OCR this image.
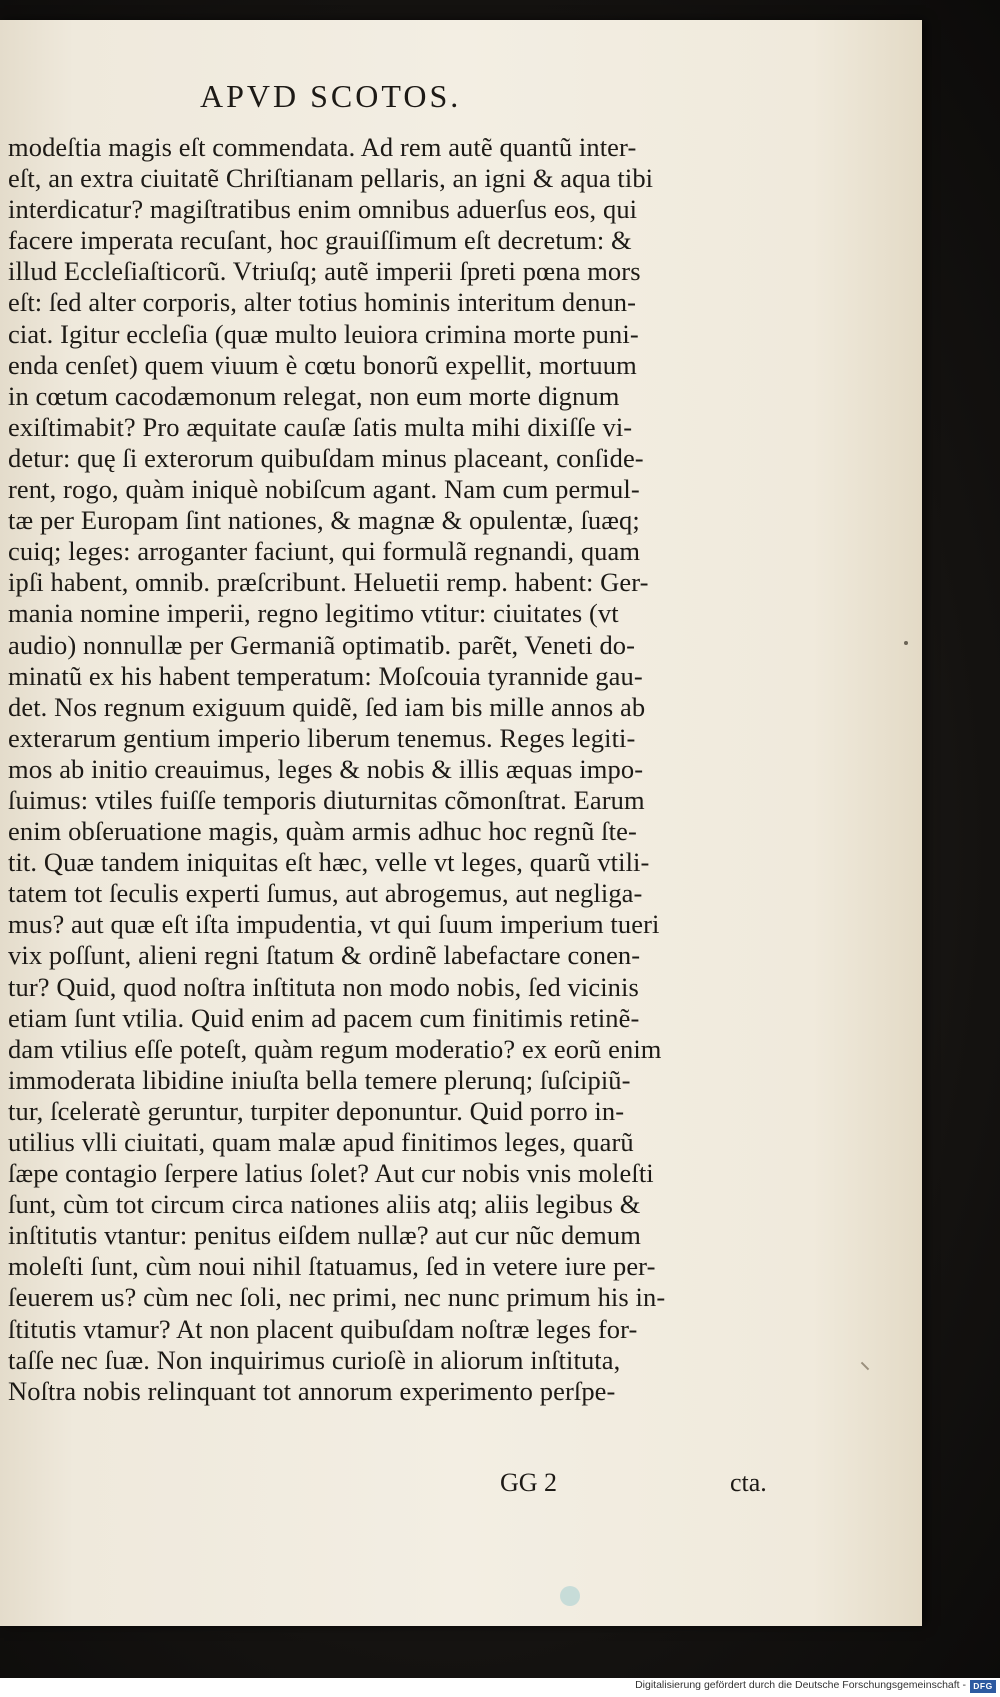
APVD SCOTOS.
modeſtia magis eſt commendata. Ad rem autẽ quantũ inter-
eſt, an extra ciuitatẽ Chriſtianam pellaris, an igni & aqua tibi
interdicatur? magiſtratibus enim omnibus aduerſus eos, qui
facere imperata recuſant, hoc grauiſſimum eſt decretum: &
illud Eccleſiaſticorũ. Vtriuſq; autẽ imperii ſpreti pœna mors
eſt: ſed alter corporis, alter totius hominis interitum denun-
ciat. Igitur eccleſia (quæ multo leuiora crimina morte puni-
enda cenſet) quem viuum è cœtu bonorũ expellit, mortuum
in cœtum cacodæmonum relegat, non eum morte dignum
exiſtimabit? Pro æquitate cauſæ ſatis multa mihi dixiſſe vi-
detur: quę ſi exterorum quibuſdam minus placeant, conſide-
rent, rogo, quàm iniquè nobiſcum agant. Nam cum permul-
tæ per Europam ſint nationes, & magnæ & opulentæ, ſuæq;
cuiq; leges: arroganter faciunt, qui formulã regnandi, quam
ipſi habent, omnib. præſcribunt. Heluetii remp. habent: Ger-
mania nomine imperii, regno legitimo vtitur: ciuitates (vt
audio) nonnullæ per Germaniã optimatib. parẽt, Veneti do-
minatũ ex his habent temperatum: Moſcouia tyrannide gau-
det. Nos regnum exiguum quidẽ, ſed iam bis mille annos ab
exterarum gentium imperio liberum tenemus. Reges legiti-
mos ab initio creauimus, leges & nobis & illis æquas impo-
ſuimus: vtiles fuiſſe temporis diuturnitas cõmonſtrat. Earum
enim obſeruatione magis, quàm armis adhuc hoc regnũ ſte-
tit. Quæ tandem iniquitas eſt hæc, velle vt leges, quarũ vtili-
tatem tot ſeculis experti ſumus, aut abrogemus, aut negliga-
mus? aut quæ eſt iſta impudentia, vt qui ſuum imperium tueri
vix poſſunt, alieni regni ſtatum & ordinẽ labefactare conen-
tur? Quid, quod noſtra inſtituta non modo nobis, ſed vicinis
etiam ſunt vtilia. Quid enim ad pacem cum finitimis retinẽ-
dam vtilius eſſe poteſt, quàm regum moderatio? ex eorũ enim
immoderata libidine iniuſta bella temere plerunq; ſuſcipiũ-
tur, ſceleratè geruntur, turpiter deponuntur. Quid porro in-
utilius vlli ciuitati, quam malæ apud finitimos leges, quarũ
ſæpe contagio ſerpere latius ſolet? Aut cur nobis vnis moleſti
ſunt, cùm tot circum circa nationes aliis atq; aliis legibus &
inſtitutis vtantur: penitus eiſdem nullæ? aut cur nũc demum
moleſti ſunt, cùm noui nihil ſtatuamus, ſed in vetere iure per-
ſeuerem us? cùm nec ſoli, nec primi, nec nunc primum his in-
ſtitutis vtamur? At non placent quibuſdam noſtræ leges for-
taſſe nec ſuæ. Non inquirimus curioſè in aliorum inſtituta,
Noſtra nobis relinquant tot annorum experimento perſpe-
GG 2	cta.
Digitalisierung gefördert durch die Deutsche Forschungsgemeinschaft - DFG
